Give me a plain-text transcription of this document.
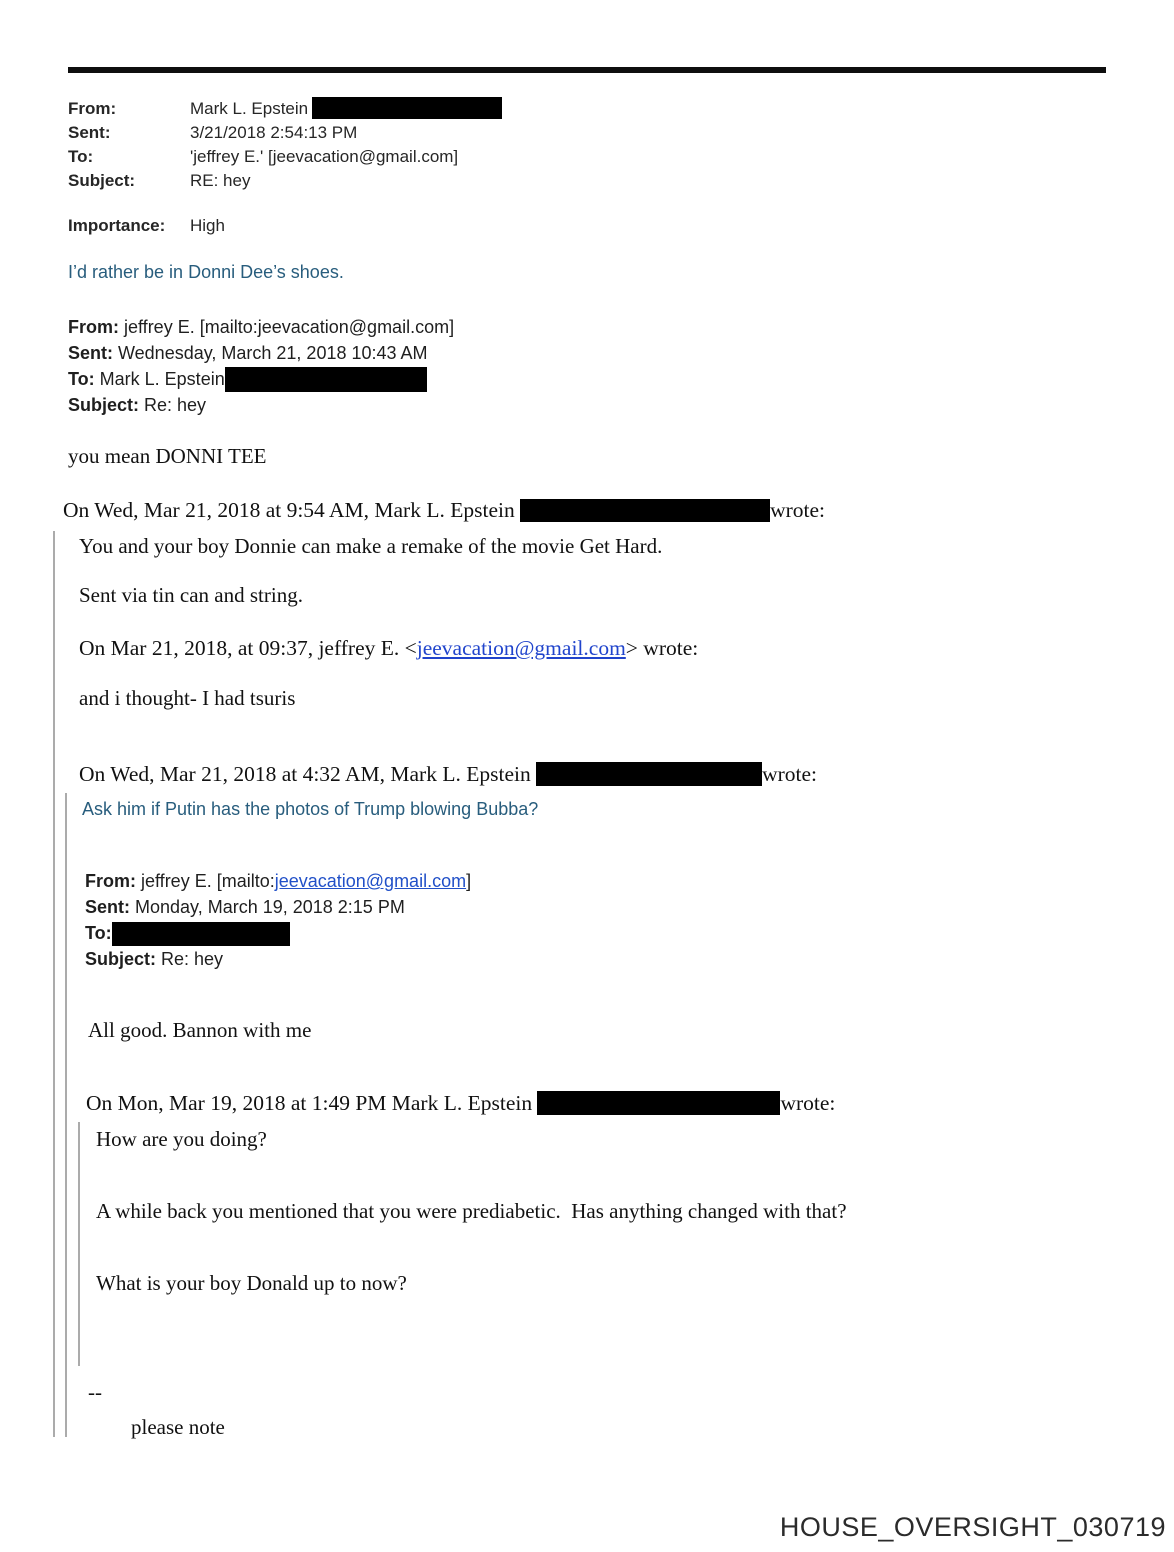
From:	Mark L. Epstein
Sent:	3/21/2018 2:54:13 PM
To:	'jeffrey E.' [jeevacation@gmail.com]
Subject:	RE: hey
Importance: High
I’d rather be in Donni Dee’s shoes.
From: jeffrey E. [mailto:jeevacation@gmail.com]
Sent: Wednesday, March 21, 2018 10:43 AM
To: Mark L. Epstein
Subject: Re: hey
you mean DONNI TEE
On Wed, Mar 21, 2018 at 9:54 AM, Mark L. Epstein	wrote:
You and your boy Donnie can make a remake of the movie Get Hard.
Sent via tin can and string.
On Mar 21, 2018, at 09:37, jeffrey E. <jeevacation@gmail.com> wrote:
and i thought- I had tsuris
On Wed, Mar 21, 2018 at 4:32 AM, Mark L. Epstein	wrote:
Ask him if Putin has the photos of Trump blowing Bubba?
From: jeffrey E. [mailto:jeevacation@gmail.com]
Sent: Monday, March 19, 2018 2:15 PM
To:
Subject: Re: hey
All good. Bannon with me
On Mon, Mar 19, 2018 at 1:49 PM Mark L. Epstein	wrote:
How are you doing?
A while back you mentioned that you were prediabetic.  Has anything changed with that?
What is your boy Donald up to now?
--
please note
HOUSE_OVERSIGHT_030719
